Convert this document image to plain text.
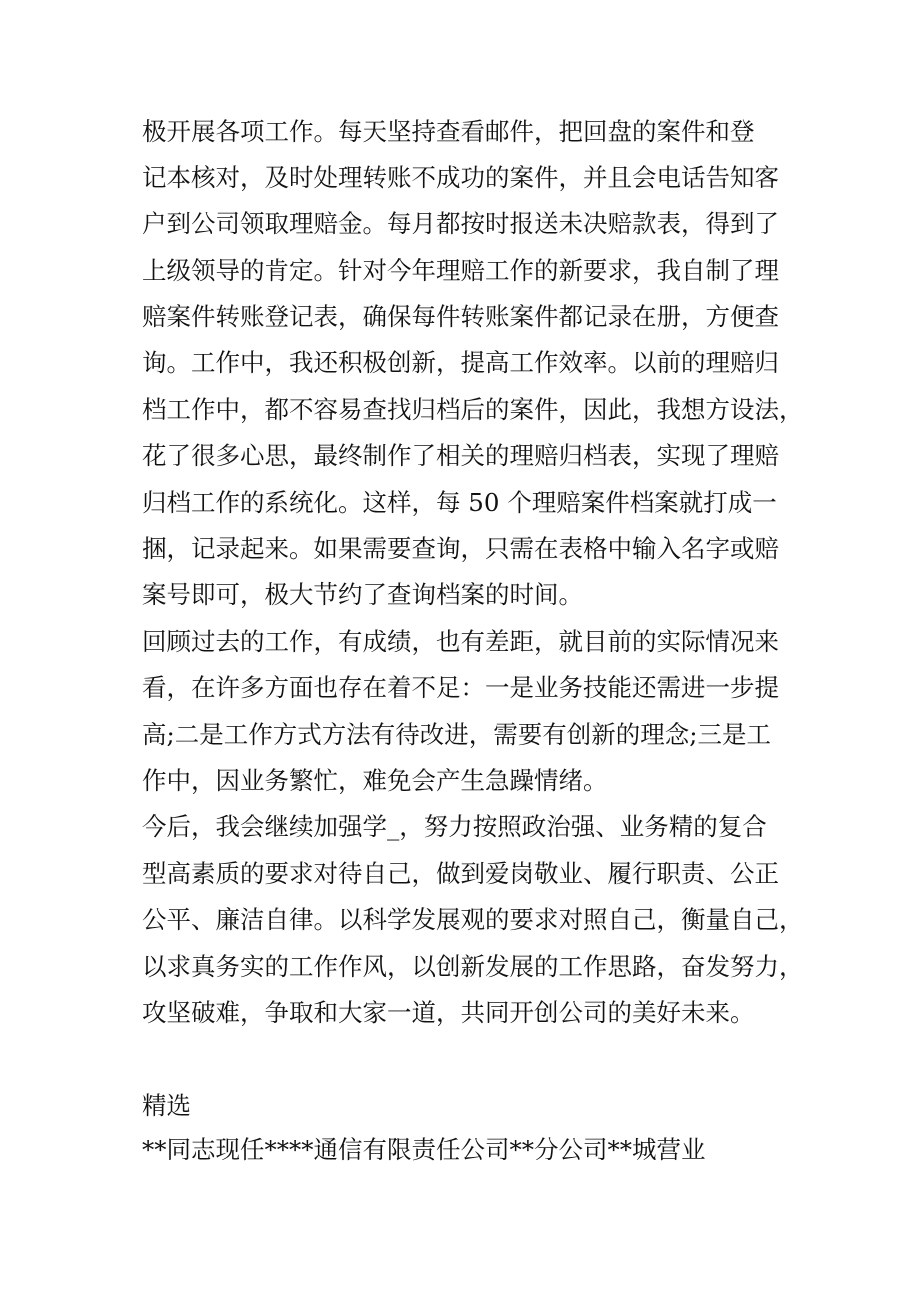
极开展各项工作。每天坚持查看邮件，把回盘的案件和登
记本核对，及时处理转账不成功的案件，并且会电话告知客
户到公司领取理赔金。每月都按时报送未决赔款表，得到了
上级领导的肯定。针对今年理赔工作的新要求，我自制了理
赔案件转账登记表，确保每件转账案件都记录在册，方便查
询。工作中，我还积极创新，提高工作效率。以前的理赔归
档工作中，都不容易查找归档后的案件，因此，我想方设法，
花了很多心思，最终制作了相关的理赔归档表，实现了理赔
归档工作的系统化。这样，每 50 个理赔案件档案就打成一
捆，记录起来。如果需要查询，只需在表格中输入名字或赔
案号即可，极大节约了查询档案的时间。
回顾过去的工作，有成绩，也有差距，就目前的实际情况来
看，在许多方面也存在着不足：一是业务技能还需进一步提
高;二是工作方式方法有待改进，需要有创新的理念;三是工
作中，因业务繁忙，难免会产生急躁情绪。
今后，我会继续加强学_，努力按照政治强、业务精的复合
型高素质的要求对待自己，做到爱岗敬业、履行职责、公正
公平、廉洁自律。以科学发展观的要求对照自己，衡量自己，
以求真务实的工作作风，以创新发展的工作思路，奋发努力，
攻坚破难，争取和大家一道，共同开创公司的美好未来。
精选
**同志现任****通信有限责任公司**分公司**城营业
